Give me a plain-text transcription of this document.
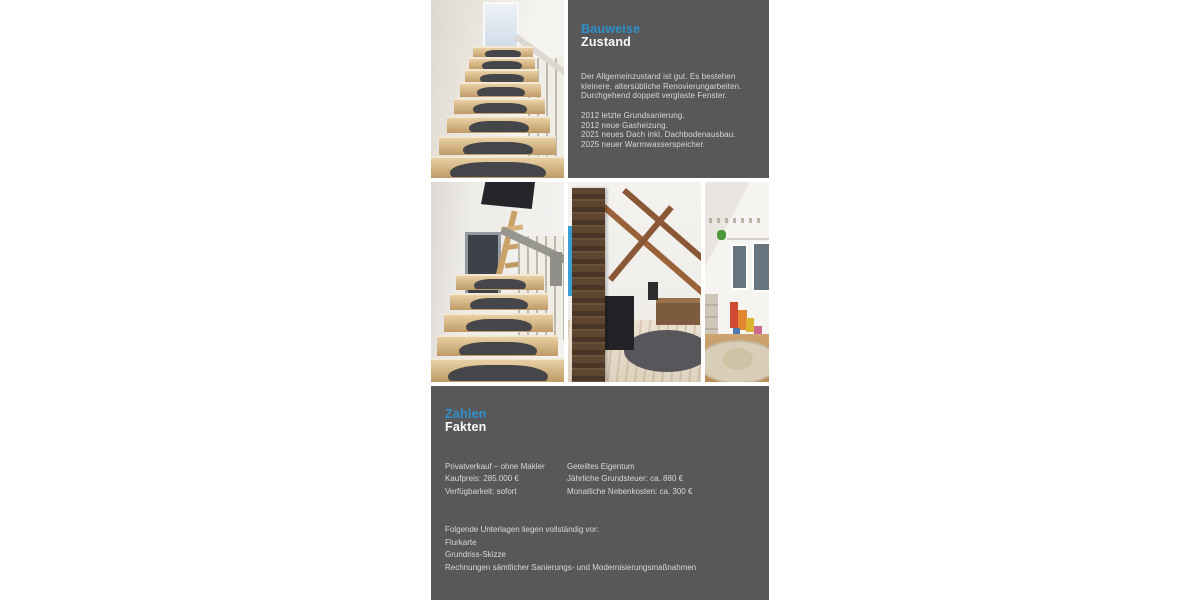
Bauweise
Zustand
Der Allgemeinzustand ist gut. Es bestehen kleinere, altersübliche Renovierungarbeiten. Durchgehend doppelt verglaste Fenster.
2012 letzte Grundsanierung.
2012 neue Gasheizung.
2021 neues Dach inkl. Dachbodenausbau.
2025 neuer Warmwasserspeicher.
Zahlen
Fakten
Privatverkauf – ohne Makler
Kaufpreis: 285.000 €
Verfügbarkeit: sofort
Geteiltes Eigentum
Jährliche Grundsteuer: ca. 880 €
Monatliche Nebenkosten: ca. 300 €
Folgende Unterlagen liegen vollständig vor:
Flurkarte
Grundriss-Skizze
Rechnungen sämtlicher Sanierungs- und Modernisierungsmaßnahmen
